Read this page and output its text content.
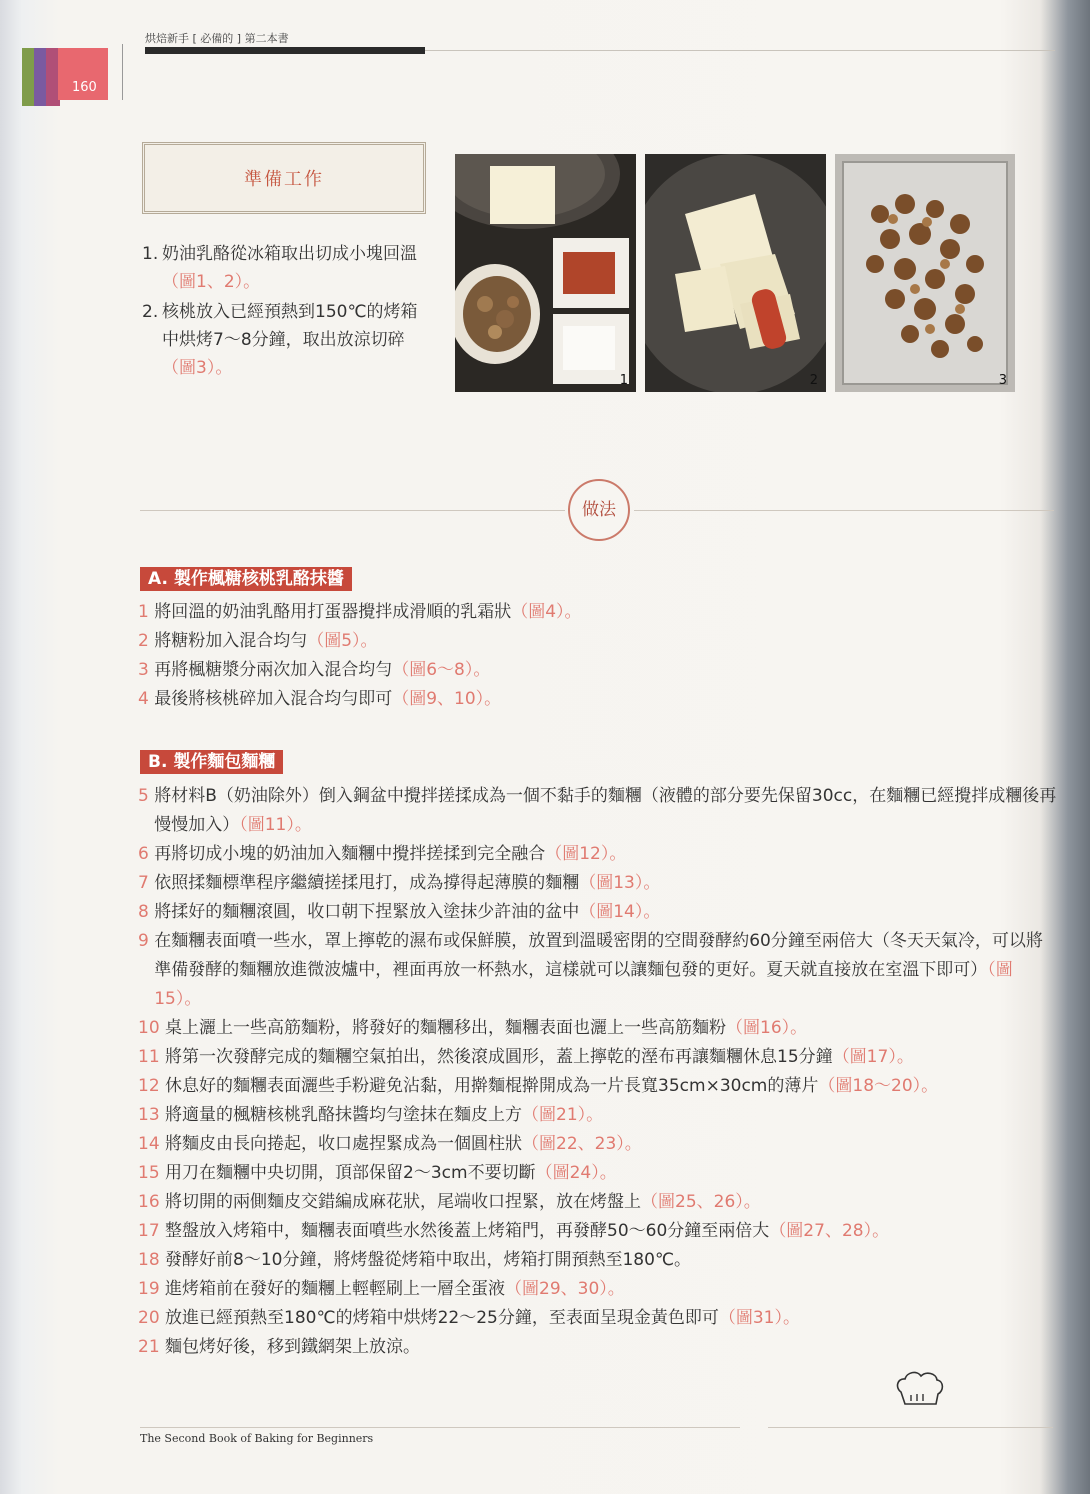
160
烘焙新手 [ 必備的 ] 第二本書
準備工作
1. 奶油乳酪從冰箱取出切成小塊回溫（圖1、2）。
2. 核桃放入已經預熱到150℃的烤箱中烘烤7～8分鐘，取出放涼切碎（圖3）。
1	2	3
做法
A. 製作楓糖核桃乳酪抹醬
1
將回溫的奶油乳酪用打蛋器攪拌成滑順的乳霜狀（圖4）。
2
將糖粉加入混合均勻（圖5）。
3
再將楓糖漿分兩次加入混合均勻（圖6～8）。
4
最後將核桃碎加入混合均勻即可（圖9、10）。
B. 製作麵包麵糰
5
將材料B（奶油除外）倒入鋼盆中攪拌搓揉成為一個不黏手的麵糰（液體的部分要先保留30cc，在麵糰已經攪拌成糰後再慢慢加入）（圖11）。
6
再將切成小塊的奶油加入麵糰中攪拌搓揉到完全融合（圖12）。
7
依照揉麵標準程序繼續搓揉甩打，成為撐得起薄膜的麵糰（圖13）。
8
將揉好的麵糰滾圓，收口朝下捏緊放入塗抹少許油的盆中（圖14）。
9
在麵糰表面噴一些水，罩上擰乾的濕布或保鮮膜，放置到溫暖密閉的空間發酵約60分鐘至兩倍大（冬天天氣冷，可以將準備發酵的麵糰放進微波爐中，裡面再放一杯熱水，這樣就可以讓麵包發的更好。夏天就直接放在室溫下即可）（圖15）。
10
桌上灑上一些高筋麵粉，將發好的麵糰移出，麵糰表面也灑上一些高筋麵粉（圖16）。
11
將第一次發酵完成的麵糰空氣拍出，然後滾成圓形，蓋上擰乾的溼布再讓麵糰休息15分鐘（圖17）。
12
休息好的麵糰表面灑些手粉避免沾黏，用擀麵棍擀開成為一片長寬35cm×30cm的薄片（圖18～20）。
13
將適量的楓糖核桃乳酪抹醬均勻塗抹在麵皮上方（圖21）。
14
將麵皮由長向捲起，收口處捏緊成為一個圓柱狀（圖22、23）。
15
用刀在麵糰中央切開，頂部保留2～3cm不要切斷（圖24）。
16
將切開的兩側麵皮交錯編成麻花狀，尾端收口捏緊，放在烤盤上（圖25、26）。
17
整盤放入烤箱中，麵糰表面噴些水然後蓋上烤箱門，再發酵50～60分鐘至兩倍大（圖27、28）。
18
發酵好前8～10分鐘，將烤盤從烤箱中取出，烤箱打開預熱至180℃。
19
進烤箱前在發好的麵糰上輕輕刷上一層全蛋液（圖29、30）。
20
放進已經預熱至180℃的烤箱中烘烤22～25分鐘，至表面呈現金黃色即可（圖31）。
21
麵包烤好後，移到鐵網架上放涼。
The Second Book of Baking for Beginners
